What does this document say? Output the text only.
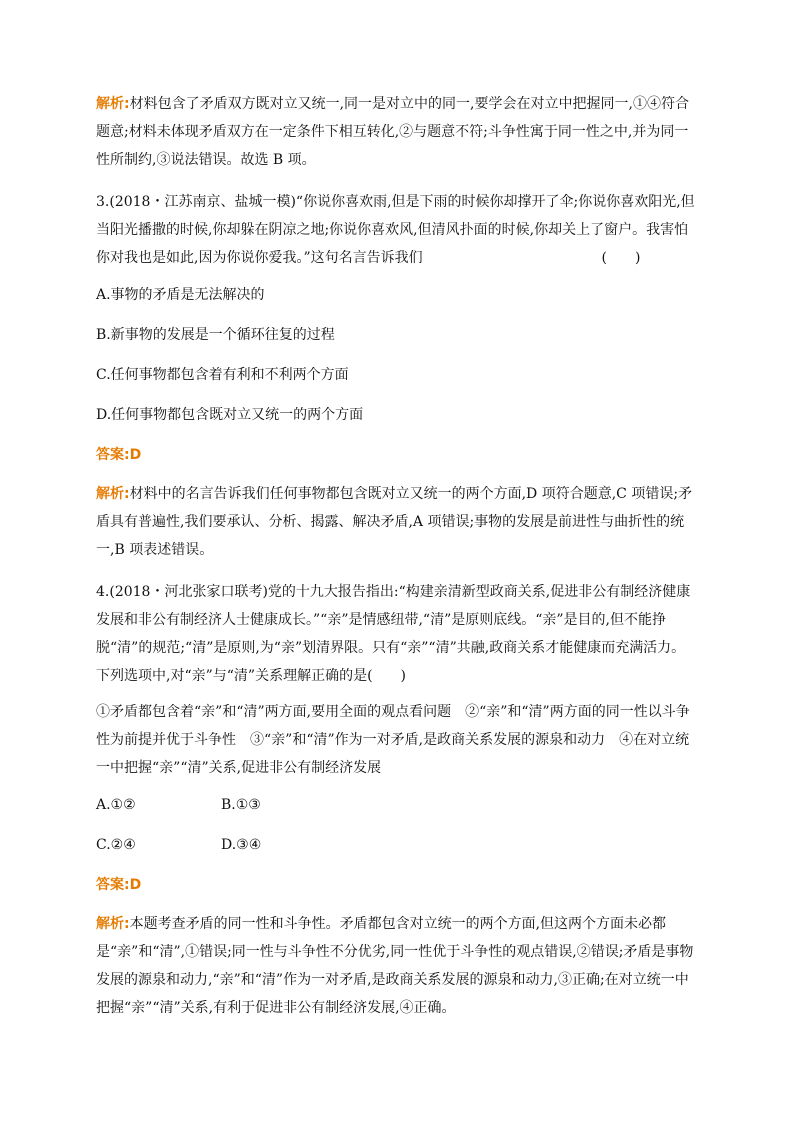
解析:材料包含了矛盾双方既对立又统一,同一是对立中的同一,要学会在对立中把握同一,①④符合题意;材料未体现矛盾双方在一定条件下相互转化,②与题意不符;斗争性寓于同一性之中,并为同一性所制约,③说法错误。故选 B 项。

3.(2018・江苏南京、盐城一模)“你说你喜欢雨,但是下雨的时候你却撑开了伞;你说你喜欢阳光,但当阳光播撒的时候,你却躲在阴凉之地;你说你喜欢风,但清风扑面的时候,你却关上了窗户。我害怕你对我也是如此,因为你说你爱我。”这句名言告诉我们	(　　)

A.事物的矛盾是无法解决的

B.新事物的发展是一个循环往复的过程

C.任何事物都包含着有利和不利两个方面

D.任何事物都包含既对立又统一的两个方面

答案:D

解析:材料中的名言告诉我们任何事物都包含既对立又统一的两个方面,D 项符合题意,C 项错误;矛盾具有普遍性,我们要承认、分析、揭露、解决矛盾,A 项错误;事物的发展是前进性与曲折性的统一,B 项表述错误。

4.(2018・河北张家口联考)党的十九大报告指出:“构建亲清新型政商关系,促进非公有制经济健康发展和非公有制经济人士健康成长。”“亲”是情感纽带,“清”是原则底线。“亲”是目的,但不能挣脱“清”的规范;“清”是原则,为“亲”划清界限。只有“亲”“清”共融,政商关系才能健康而充满活力。下列选项中,对“亲”与“清”关系理解正确的是(　　)

①矛盾都包含着“亲”和“清”两方面,要用全面的观点看问题　②“亲”和“清”两方面的同一性以斗争性为前提并优于斗争性　③“亲”和“清”作为一对矛盾,是政商关系发展的源泉和动力　④在对立统一中把握“亲”“清”关系,促进非公有制经济发展

A.①②	B.①③
C.②④	D.③④

答案:D

解析:本题考查矛盾的同一性和斗争性。矛盾都包含对立统一的两个方面,但这两个方面未必都是“亲”和“清”,①错误;同一性与斗争性不分优劣,同一性优于斗争性的观点错误,②错误;矛盾是事物发展的源泉和动力,“亲”和“清”作为一对矛盾,是政商关系发展的源泉和动力,③正确;在对立统一中把握“亲”“清”关系,有利于促进非公有制经济发展,④正确。
